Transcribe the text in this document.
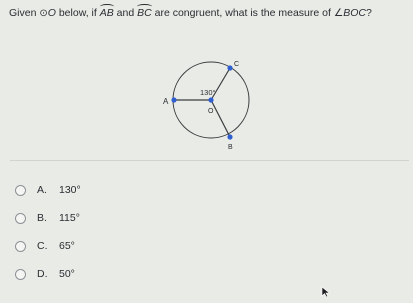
Given ⊙O below, if AB and BC are congruent, what is the measure of ∠BOC?
A
C
B
O
130°
A.	130°
B.	115°
C.	65°
D.	50°
